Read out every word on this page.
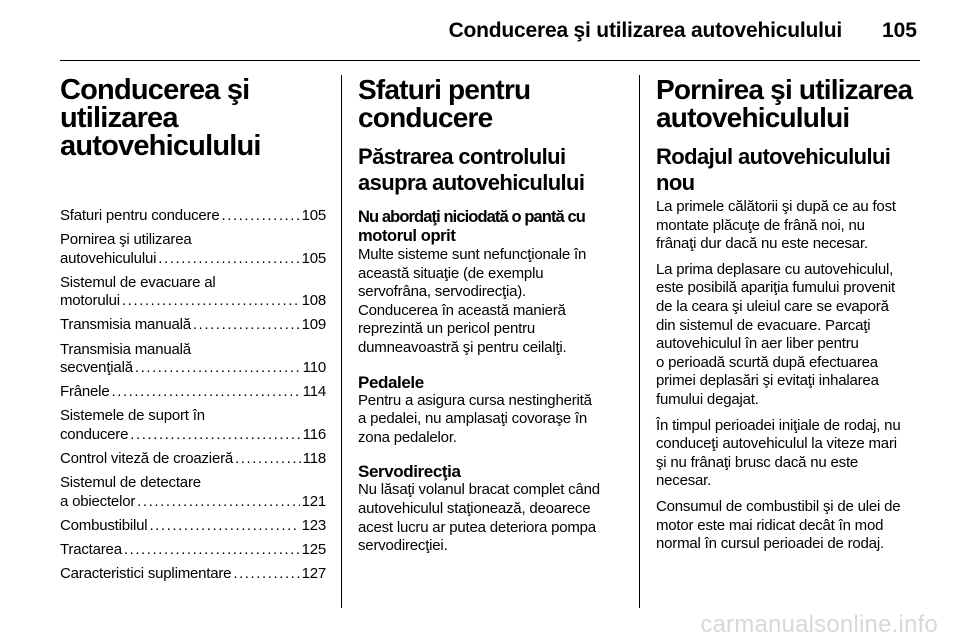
Conducerea şi utilizarea autovehiculului 105
Conducerea şi
utilizarea
autovehiculului
Sfaturi pentru conducere . . .	105
Pornirea şi utilizarea
autovehiculului . . .	105
Sistemul de evacuare al
motorului . . .	108
Transmisia manuală . . .	109
Transmisia manuală
secvenţială . . .	110
Frânele . . .	114
Sistemele de suport în
conducere . . .	116
Control viteză de croazieră . . .	118
Sistemul de detectare
a obiectelor . . .	121
Combustibilul . . .	123
Tractarea . . .	125
Caracteristici suplimentare . . .	127
Sfaturi pentru
conducere
Păstrarea controlului
asupra autovehiculului
Nu abordaţi niciodată o pantă cu
motorul oprit
Multe sisteme sunt nefuncţionale în
această situaţie (de exemplu
servofrâna, servodirecţia).
Conducerea în această manieră
reprezintă un pericol pentru
dumneavoastră şi pentru ceilalţi.
Pedalele
Pentru a asigura cursa nestingherită
a pedalei, nu amplasaţi covoraşe în
zona pedalelor.
Servodirecţia
Nu lăsaţi volanul bracat complet când
autovehiculul staţionează, deoarece
acest lucru ar putea deteriora pompa
servodirecţiei.
Pornirea şi utilizarea
autovehiculului
Rodajul autovehiculului
nou
La primele călătorii şi după ce au fost
montate plăcuţe de frână noi, nu
frânaţi dur dacă nu este necesar.
La prima deplasare cu autovehiculul,
este posibilă apariţia fumului provenit
de la ceara şi uleiul care se evaporă
din sistemul de evacuare. Parcaţi
autovehiculul în aer liber pentru
o perioadă scurtă după efectuarea
primei deplasări şi evitaţi inhalarea
fumului degajat.
În timpul perioadei iniţiale de rodaj, nu
conduceţi autovehiculul la viteze mari
şi nu frânaţi brusc dacă nu este
necesar.
Consumul de combustibil şi de ulei de
motor este mai ridicat decât în mod
normal în cursul perioadei de rodaj.
carmanualsonline.info
